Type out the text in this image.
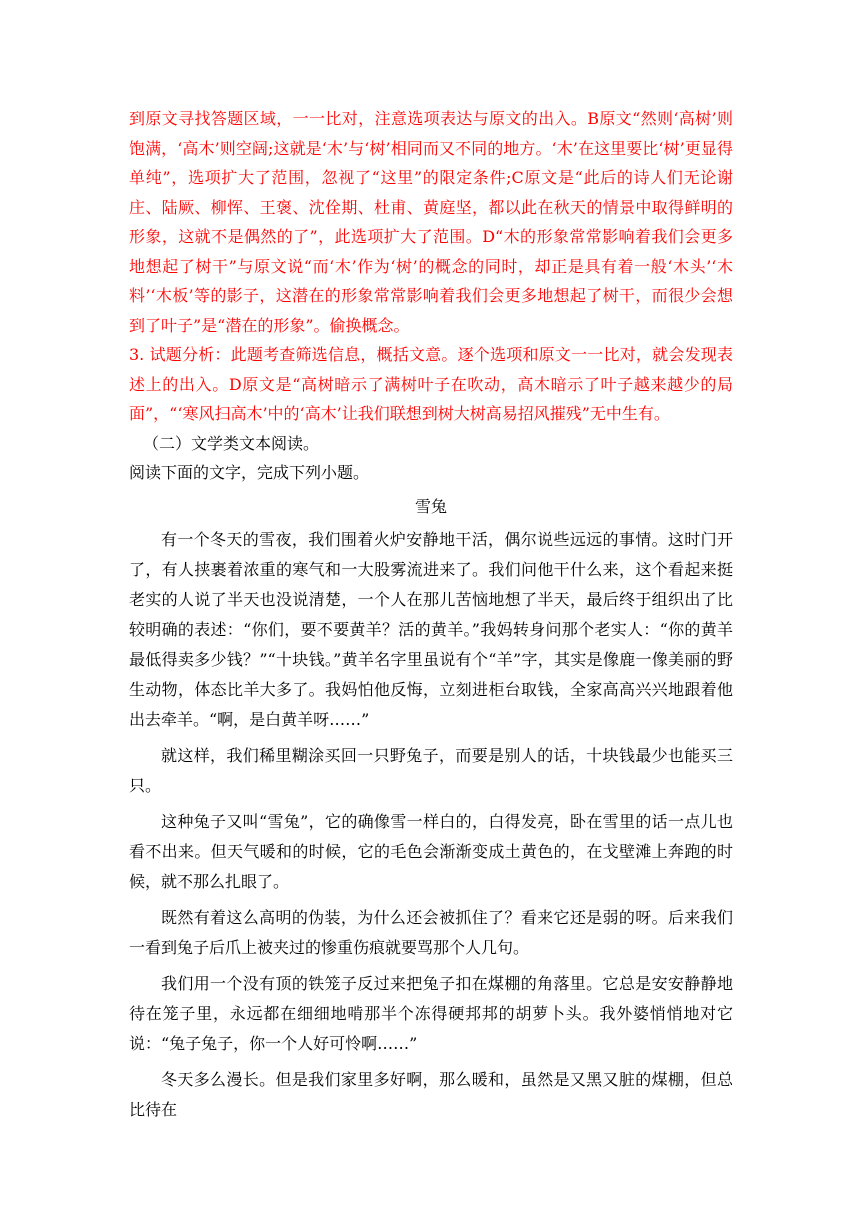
到原文寻找答题区域，一一比对，注意选项表达与原文的出入。B原文“然则‘高树’则饱满，‘高木’则空阔;这就是‘木’与‘树’相同而又不同的地方。‘木’在这里要比‘树’更显得单纯”，选项扩大了范围，忽视了“这里”的限定条件;C原文是“此后的诗人们无论谢庄、陆厥、柳恽、王褒、沈佺期、杜甫、黄庭坚，都以此在秋天的情景中取得鲜明的形象，这就不是偶然的了”，此选项扩大了范围。D“木的形象常常影响着我们会更多地想起了树干”与原文说“而‘木’作为‘树’的概念的同时，却正是具有着一般‘木头’‘木料’‘木板’等的影子，这潜在的形象常常影响着我们会更多地想起了树干，而很少会想到了叶子”是“潜在的形象”。偷换概念。

3. 试题分析：此题考查筛选信息，概括文意。逐个选项和原文一一比对，就会发现表述上的出入。D原文是“高树暗示了满树叶子在吹动，高木暗示了叶子越来越少的局面”，“‘寒风扫高木’中的‘高木’让我们联想到树大树高易招风摧残”无中生有。

（二）文学类文本阅读。

阅读下面的文字，完成下列小题。

雪兔

有一个冬天的雪夜，我们围着火炉安静地干活，偶尔说些远远的事情。这时门开了，有人挟裹着浓重的寒气和一大股雾流进来了。我们问他干什么来，这个看起来挺老实的人说了半天也没说清楚，一个人在那儿苦恼地想了半天，最后终于组织出了比较明确的表述：“你们，要不要黄羊？活的黄羊。”我妈转身问那个老实人：“你的黄羊最低得卖多少钱？”“十块钱。”黄羊名字里虽说有个“羊”字，其实是像鹿一像美丽的野生动物，体态比羊大多了。我妈怕他反悔，立刻进柜台取钱，全家高高兴兴地跟着他出去牵羊。“啊，是白黄羊呀……”

就这样，我们稀里糊涂买回一只野兔子，而要是别人的话，十块钱最少也能买三只。

这种兔子又叫“雪兔”，它的确像雪一样白的，白得发亮，卧在雪里的话一点儿也看不出来。但天气暖和的时候，它的毛色会渐渐变成土黄色的，在戈壁滩上奔跑的时候，就不那么扎眼了。

既然有着这么高明的伪装，为什么还会被抓住了？看来它还是弱的呀。后来我们一看到兔子后爪上被夹过的惨重伤痕就要骂那个人几句。

我们用一个没有顶的铁笼子反过来把兔子扣在煤棚的角落里。它总是安安静静地待在笼子里，永远都在细细地啃那半个冻得硬邦邦的胡萝卜头。我外婆悄悄地对它说：“兔子兔子，你一个人好可怜啊……”

冬天多么漫长。但是我们家里多好啊，那么暖和，虽然是又黑又脏的煤棚，但总比待在
